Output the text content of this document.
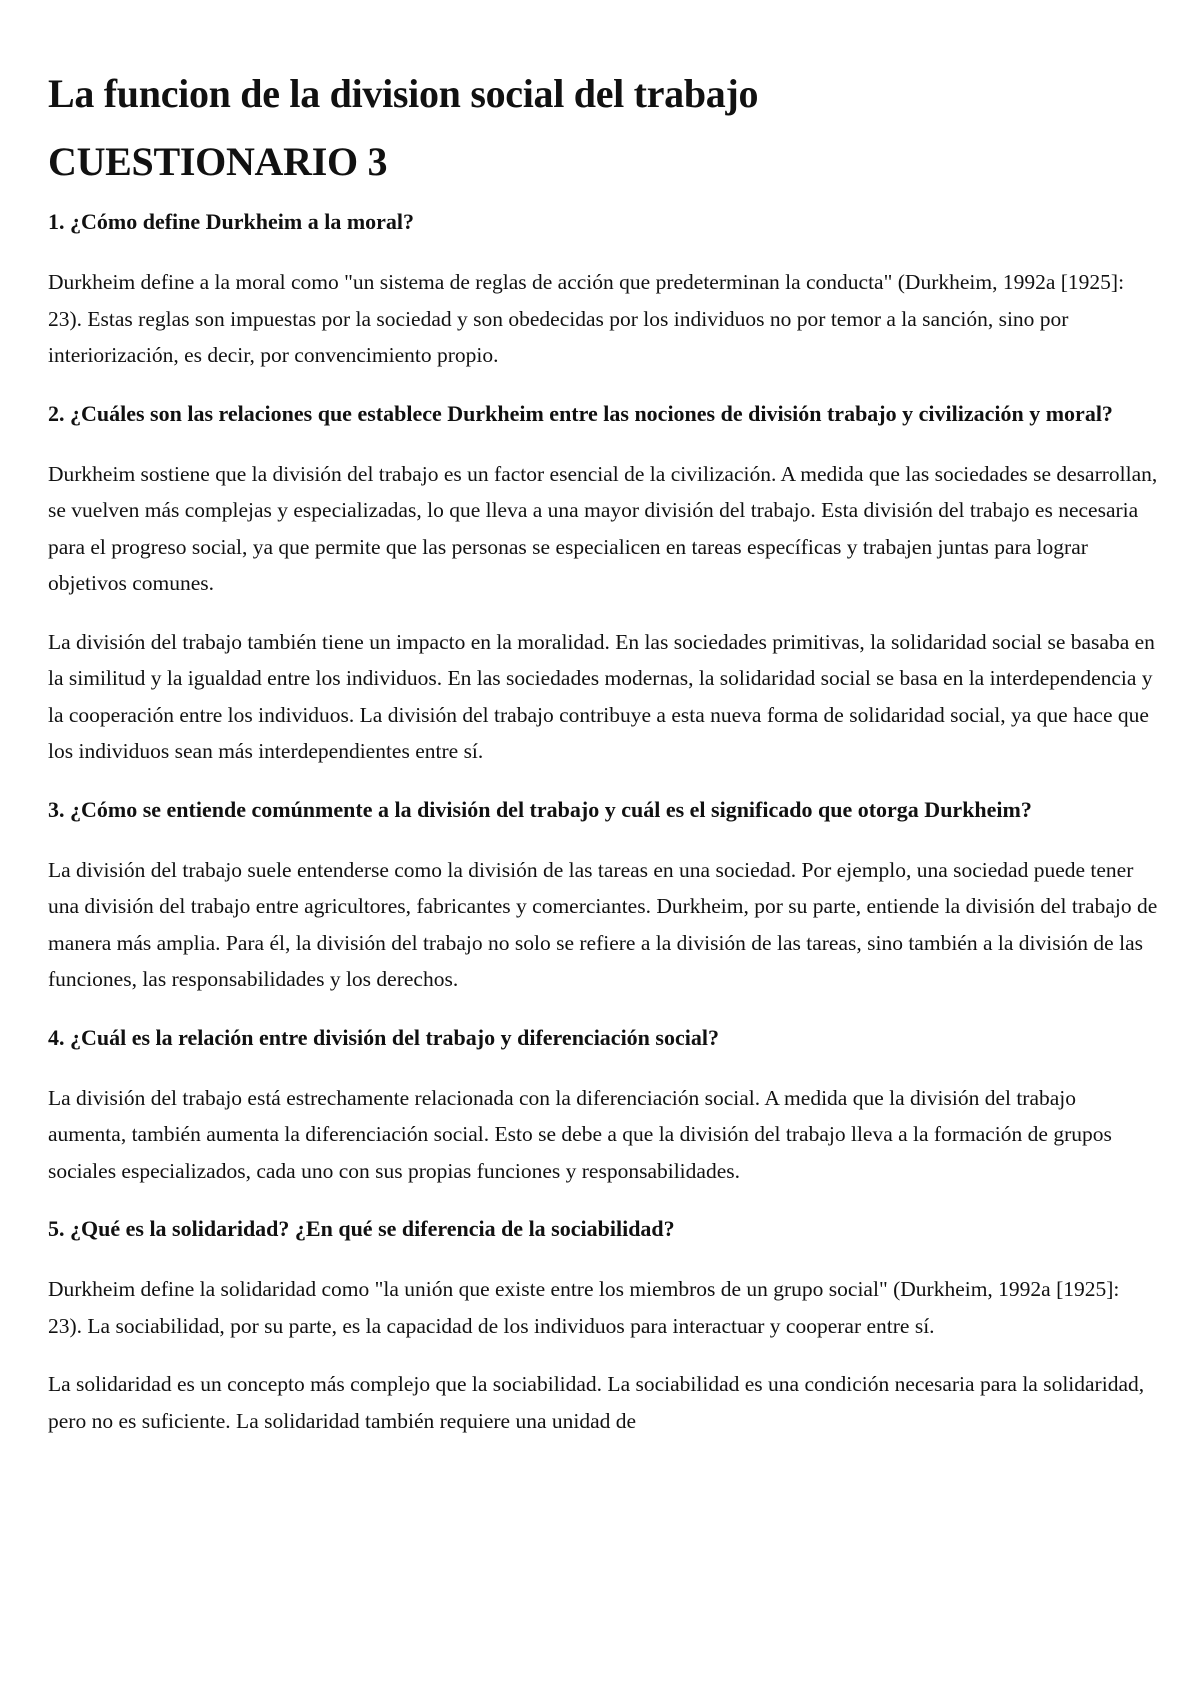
La funcion de la division social del trabajo
CUESTIONARIO 3
1. ¿Cómo define Durkheim a la moral?

Durkheim define a la moral como "un sistema de reglas de acción que predeterminan la conducta" (Durkheim, 1992a [1925]: 23). Estas reglas son impuestas por la sociedad y son obedecidas por los individuos no por temor a la sanción, sino por interiorización, es decir, por convencimiento propio.

2. ¿Cuáles son las relaciones que establece Durkheim entre las nociones de división trabajo y civilización y moral?

Durkheim sostiene que la división del trabajo es un factor esencial de la civilización. A medida que las sociedades se desarrollan, se vuelven más complejas y especializadas, lo que lleva a una mayor división del trabajo. Esta división del trabajo es necesaria para el progreso social, ya que permite que las personas se especialicen en tareas específicas y trabajen juntas para lograr objetivos comunes.

La división del trabajo también tiene un impacto en la moralidad. En las sociedades primitivas, la solidaridad social se basaba en la similitud y la igualdad entre los individuos. En las sociedades modernas, la solidaridad social se basa en la interdependencia y la cooperación entre los individuos. La división del trabajo contribuye a esta nueva forma de solidaridad social, ya que hace que los individuos sean más interdependientes entre sí.

3. ¿Cómo se entiende comúnmente a la división del trabajo y cuál es el significado que otorga Durkheim?

La división del trabajo suele entenderse como la división de las tareas en una sociedad. Por ejemplo, una sociedad puede tener una división del trabajo entre agricultores, fabricantes y comerciantes. Durkheim, por su parte, entiende la división del trabajo de manera más amplia. Para él, la división del trabajo no solo se refiere a la división de las tareas, sino también a la división de las funciones, las responsabilidades y los derechos.

4. ¿Cuál es la relación entre división del trabajo y diferenciación social?

La división del trabajo está estrechamente relacionada con la diferenciación social. A medida que la división del trabajo aumenta, también aumenta la diferenciación social. Esto se debe a que la división del trabajo lleva a la formación de grupos sociales especializados, cada uno con sus propias funciones y responsabilidades.

5. ¿Qué es la solidaridad? ¿En qué se diferencia de la sociabilidad?

Durkheim define la solidaridad como "la unión que existe entre los miembros de un grupo social" (Durkheim, 1992a [1925]: 23). La sociabilidad, por su parte, es la capacidad de los individuos para interactuar y cooperar entre sí.

La solidaridad es un concepto más complejo que la sociabilidad. La sociabilidad es una condición necesaria para la solidaridad, pero no es suficiente. La solidaridad también requiere una unidad de
